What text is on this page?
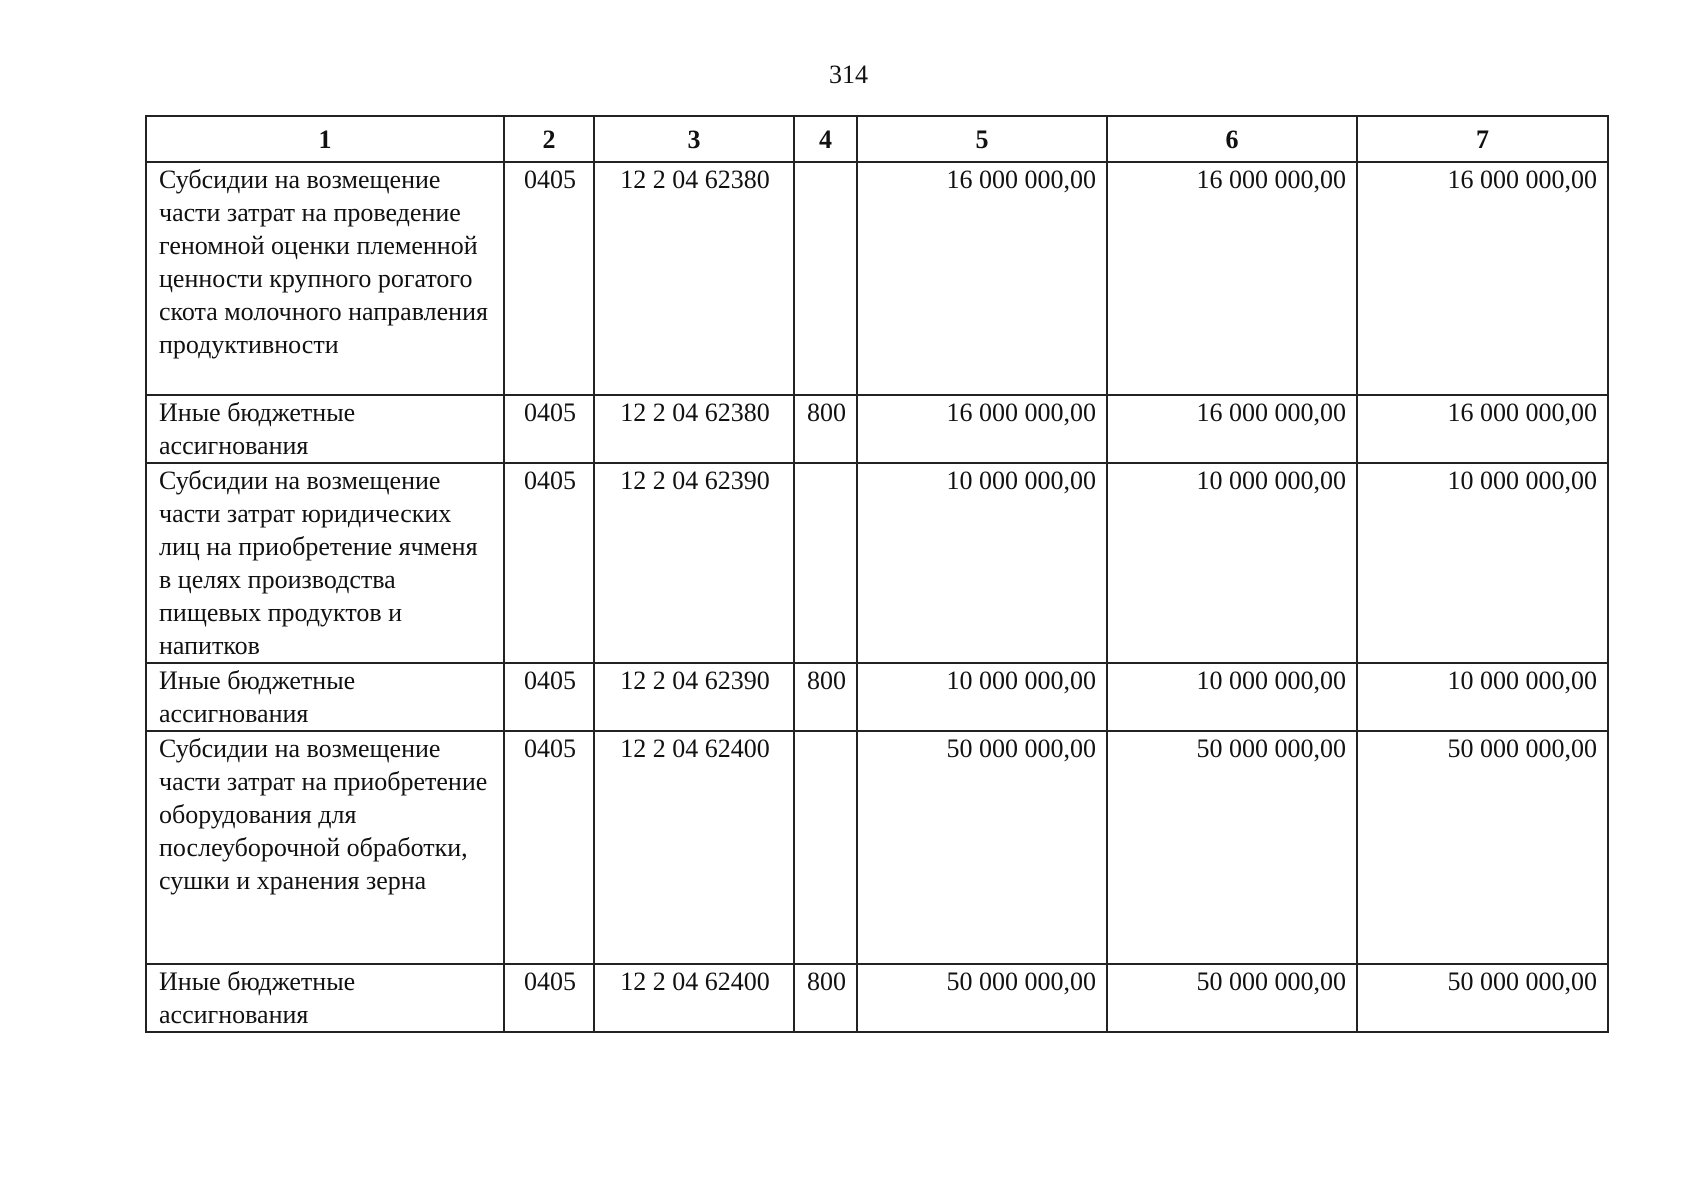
314
1	2	3	4	5	6	7
Субсидии на возмещение части затрат на проведение геномной оценки племенной ценности крупного рогатого скота молочного направления продуктивности	0405	12 2 04 62380		16 000 000,00	16 000 000,00	16 000 000,00
Иные бюджетные ассигнования	0405	12 2 04 62380	800	16 000 000,00	16 000 000,00	16 000 000,00
Субсидии на возмещение части затрат юридических лиц на приобретение ячменя в целях производства пищевых продуктов и напитков	0405	12 2 04 62390		10 000 000,00	10 000 000,00	10 000 000,00
Иные бюджетные ассигнования	0405	12 2 04 62390	800	10 000 000,00	10 000 000,00	10 000 000,00
Субсидии на возмещение части затрат на приобретение оборудования для послеуборочной обработки, сушки и хранения зерна	0405	12 2 04 62400		50 000 000,00	50 000 000,00	50 000 000,00
Иные бюджетные ассигнования	0405	12 2 04 62400	800	50 000 000,00	50 000 000,00	50 000 000,00
